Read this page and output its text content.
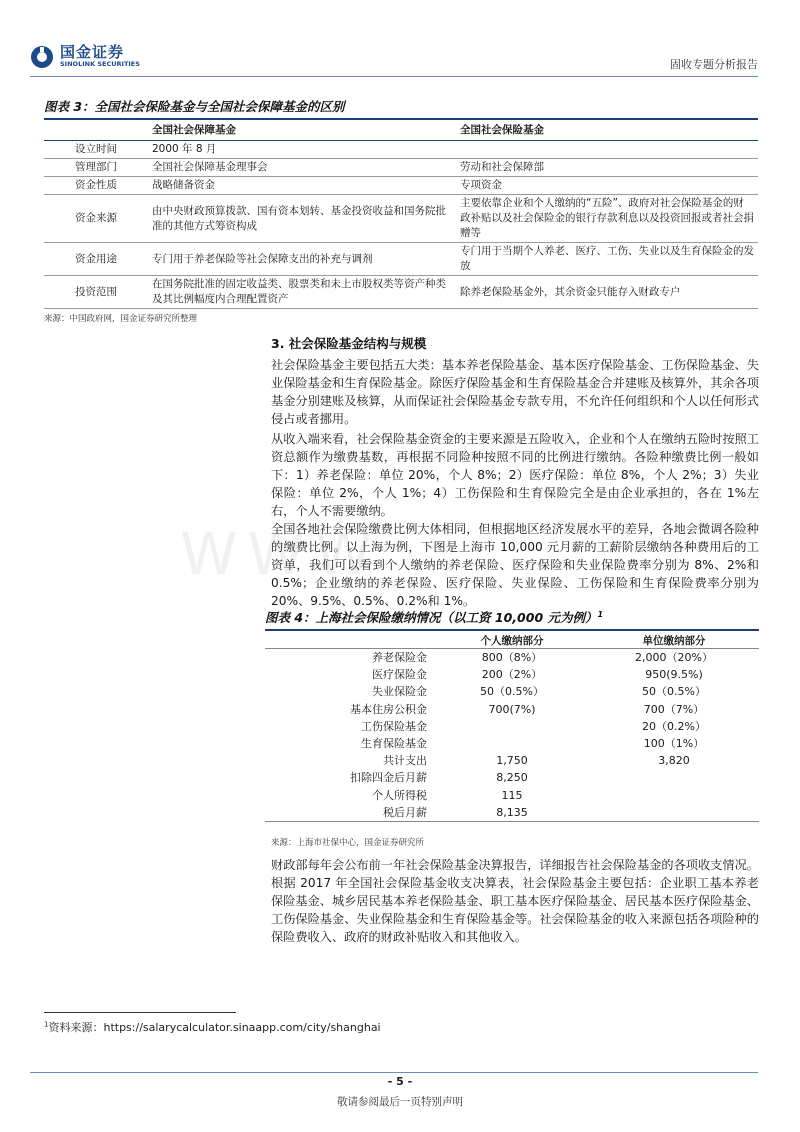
国金证券
SINOLINK SECURITIES	固收专题分析报告
WWW
图表 3：全国社会保险基金与全国社会保障基金的区别
	全国社会保障基金	全国社会保险基金
设立时间	2000 年 8 月	
管理部门	全国社会保障基金理事会	劳动和社会保障部
资金性质	战略储备资金	专项资金
资金来源	由中央财政预算拨款、国有资本划转、基金投资收益和国务院批准的其他方式筹资构成	主要依靠企业和个人缴纳的“五险”、政府对社会保险基金的财政补贴以及社会保险金的银行存款利息以及投资回报或者社会捐赠等
资金用途	专门用于养老保险等社会保障支出的补充与调剂	专门用于当期个人养老、医疗、工伤、失业以及生育保险金的发放
投资范围	在国务院批准的固定收益类、股票类和未上市股权类等资产种类及其比例幅度内合理配置资产	除养老保险基金外，其余资金只能存入财政专户
来源：中国政府网，国金证券研究所整理
3. 社会保险基金结构与规模
社会保险基金主要包括五大类：基本养老保险基金、基本医疗保险基金、工伤保险基金、失业保险基金和生育保险基金。除医疗保险基金和生育保险基金合并建账及核算外，其余各项基金分别建账及核算，从而保证社会保险基金专款专用，不允许任何组织和个人以任何形式侵占或者挪用。
从收入端来看，社会保险基金资金的主要来源是五险收入，企业和个人在缴纳五险时按照工资总额作为缴费基数，再根据不同险种按照不同的比例进行缴纳。各险种缴费比例一般如下：1）养老保险：单位 20%，个人 8%；2）医疗保险：单位 8%，个人 2%；3）失业保险：单位 2%，个人 1%；4）工伤保险和生育保险完全是由企业承担的，各在 1%左右，个人不需要缴纳。
全国各地社会保险缴费比例大体相同，但根据地区经济发展水平的差异，各地会微调各险种的缴费比例。以上海为例，下图是上海市 10,000 元月薪的工薪阶层缴纳各种费用后的工资单，我们可以看到个人缴纳的养老保险、医疗保险和失业保险费率分别为 8%、2%和 0.5%；企业缴纳的养老保险、医疗保险、失业保险、工伤保险和生育保险费率分别为 20%、9.5%、0.5%、0.2%和 1%。
图表 4：上海社会保险缴纳情况（以工资 10,000 元为例）$^1$
	个人缴纳部分	单位缴纳部分
养老保险金	800（8%）	2,000（20%）
医疗保险金	200（2%）	950(9.5%)
失业保险金	50（0.5%）	50（0.5%）
基本住房公积金	700(7%)	700（7%）
工伤保险基金		20（0.2%）
生育保险基金		100（1%）
共计支出	1,750	3,820
扣除四金后月薪	8,250	
个人所得税	115	
税后月薪	8,135	
来源：上海市社保中心，国金证券研究所
财政部每年会公布前一年社会保险基金决算报告，详细报告社会保险基金的各项收支情况。根据 2017 年全国社会保险基金收支决算表，社会保险基金主要包括：企业职工基本养老保险基金、城乡居民基本养老保险基金、职工基本医疗保险基金、居民基本医疗保险基金、工伤保险基金、失业保险基金和生育保险基金等。社会保险基金的收入来源包括各项险种的保险费收入、政府的财政补贴收入和其他收入。
$^1$资料来源：https://salarycalculator.sinaapp.com/city/shanghai
- 5 -
敬请参阅最后一页特别声明
